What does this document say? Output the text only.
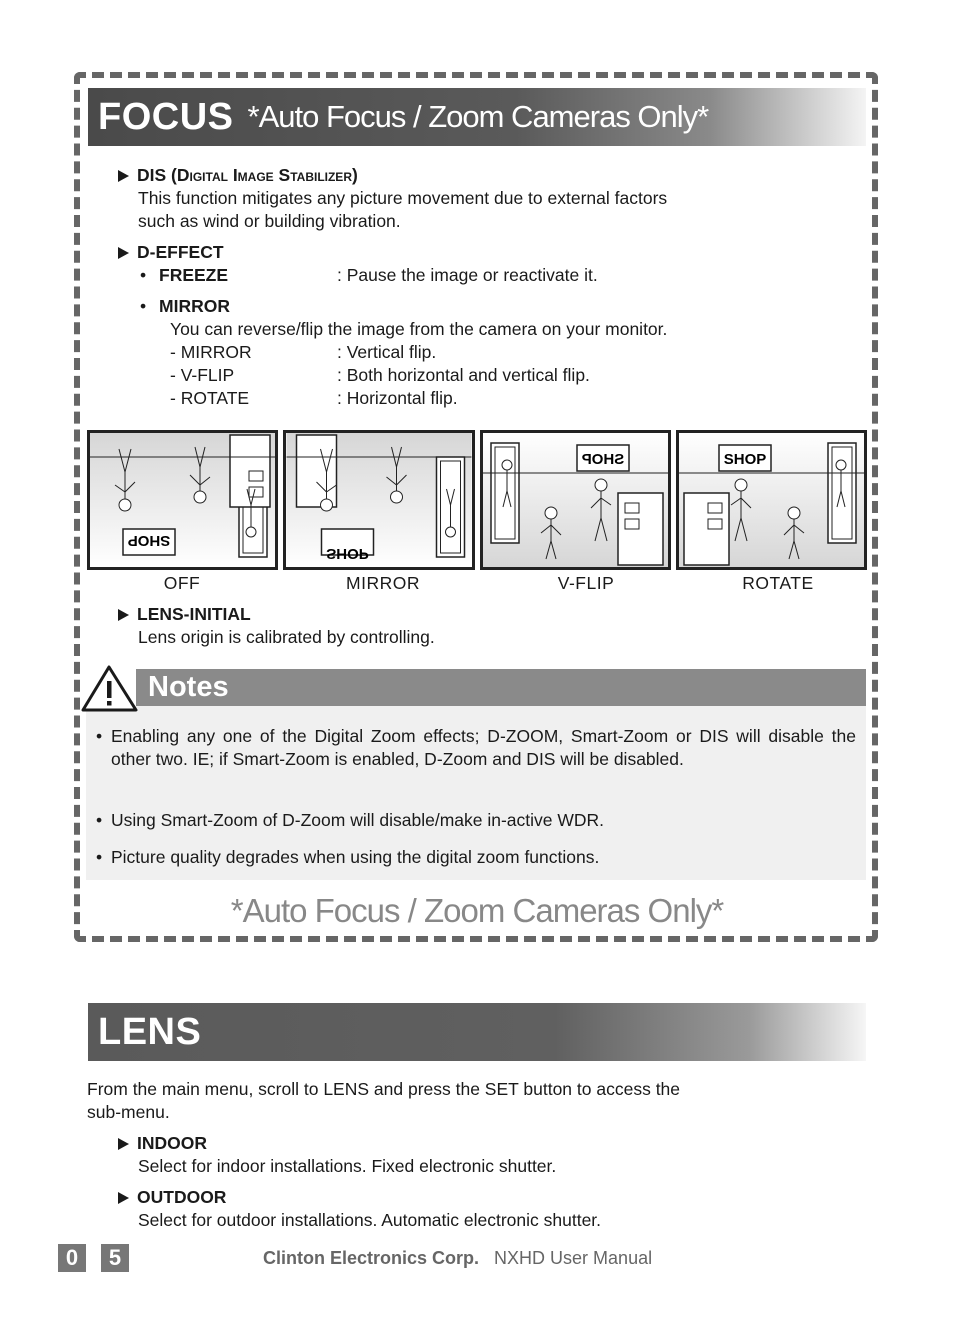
FOCUS *Auto Focus / Zoom Cameras Only*
DIS (Digital Image Stabilizer)
This function mitigates any picture movement due to external factors
such as wind or building vibration.
D-EFFECT
• FREEZE	: Pause the image or reactivate it.
• MIRROR
You can reverse/flip the image from the camera on your monitor.
- MIRROR	: Vertical flip.
- V-FLIP	: Both horizontal and vertical flip.
- ROTATE	: Horizontal flip.
SHOP
SHOP
SHOP	SHOP
OFF	MIRROR	V-FLIP	ROTATE
LENS-INITIAL
Lens origin is calibrated by controlling.
Notes
• Enabling any one of the Digital Zoom effects; D-ZOOM, Smart-Zoom or DIS will disable the other two. IE; if Smart-Zoom is enabled, D-Zoom and DIS will be disabled.
• Using Smart-Zoom of D-Zoom will disable/make in-active WDR.
• Picture quality degrades when using the digital zoom functions.
*Auto Focus / Zoom Cameras Only*
LENS
From the main menu, scroll to LENS and press the SET button to access the
sub-menu.
INDOOR
Select for indoor installations. Fixed electronic shutter.
OUTDOOR
Select for outdoor installations. Automatic electronic shutter.
0	5	Clinton Electronics Corp. NXHD User Manual
